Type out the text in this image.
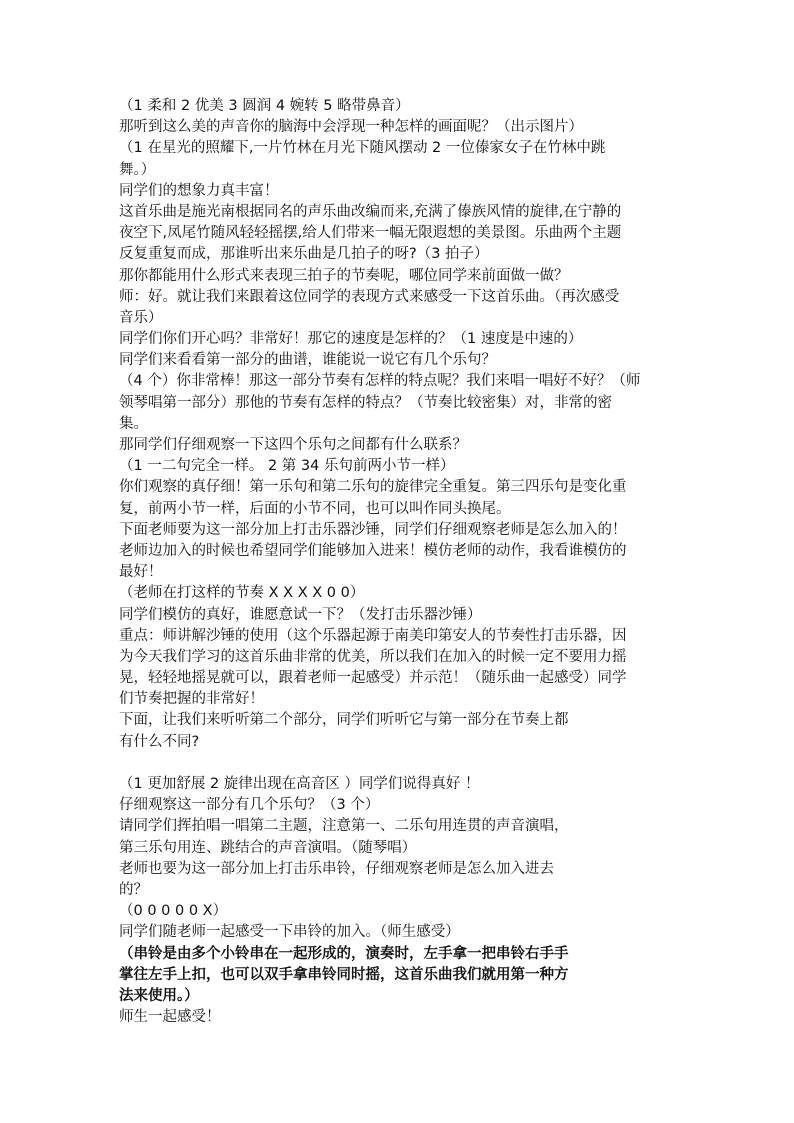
（1 柔和 2 优美 3 圆润 4 婉转 5 略带鼻音）
那听到这么美的声音你的脑海中会浮现一种怎样的画面呢？（出示图片）
（1 在星光的照耀下,一片竹林在月光下随风摆动 2 一位傣家女子在竹林中跳
舞。）
同学们的想象力真丰富！
这首乐曲是施光南根据同名的声乐曲改编而来,充满了傣族风情的旋律,在宁静的
夜空下,凤尾竹随风轻轻摇摆,给人们带来一幅无限遐想的美景图。乐曲两个主题
反复重复而成，那谁听出来乐曲是几拍子的呀?（3 拍子）
那你都能用什么形式来表现三拍子的节奏呢，哪位同学来前面做一做？
师：好。就让我们来跟着这位同学的表现方式来感受一下这首乐曲。（再次感受
音乐）
同学们你们开心吗？非常好！那它的速度是怎样的？（1 速度是中速的）
同学们来看看第一部分的曲谱，谁能说一说它有几个乐句？
（4 个）你非常棒！那这一部分节奏有怎样的特点呢？我们来唱一唱好不好？（师
领琴唱第一部分）那他的节奏有怎样的特点？（节奏比较密集）对，非常的密
集。
那同学们仔细观察一下这四个乐句之间都有什么联系？
（1 一二句完全一样。 2 第 34 乐句前两小节一样）
你们观察的真仔细！第一乐句和第二乐句的旋律完全重复。第三四乐句是变化重
复，前两小节一样，后面的小节不同，也可以叫作同头换尾。
下面老师要为这一部分加上打击乐器沙锤，同学们仔细观察老师是怎么加入的！
老师边加入的时候也希望同学们能够加入进来！模仿老师的动作，我看谁模仿的
最好！
（老师在打这样的节奏 X X X X 0 0）
同学们模仿的真好，谁愿意试一下？（发打击乐器沙锤）
重点：师讲解沙锤的使用（这个乐器起源于南美印第安人的节奏性打击乐器，因
为今天我们学习的这首乐曲非常的优美，所以我们在加入的时候一定不要用力摇
晃，轻轻地摇晃就可以，跟着老师一起感受）并示范！（随乐曲一起感受）同学
们节奏把握的非常好！
下面，让我们来听听第二个部分，同学们听听它与第一部分在节奏上都
有什么不同?
（1 更加舒展 2 旋律出现在高音区 ）同学们说得真好 ！
仔细观察这一部分有几个乐句？（3 个）
请同学们挥拍唱一唱第二主题，注意第一、二乐句用连贯的声音演唱，
第三乐句用连、跳结合的声音演唱。（随琴唱）
老师也要为这一部分加上打击乐串铃，仔细观察老师是怎么加入进去
的？
（0 0 0 0 0 X）
同学们随老师一起感受一下串铃的加入。（师生感受）
（串铃是由多个小铃串在一起形成的，演奏时，左手拿一把串铃右手手
掌往左手上扣，也可以双手拿串铃同时摇，这首乐曲我们就用第一种方
法来使用。）
师生一起感受！
